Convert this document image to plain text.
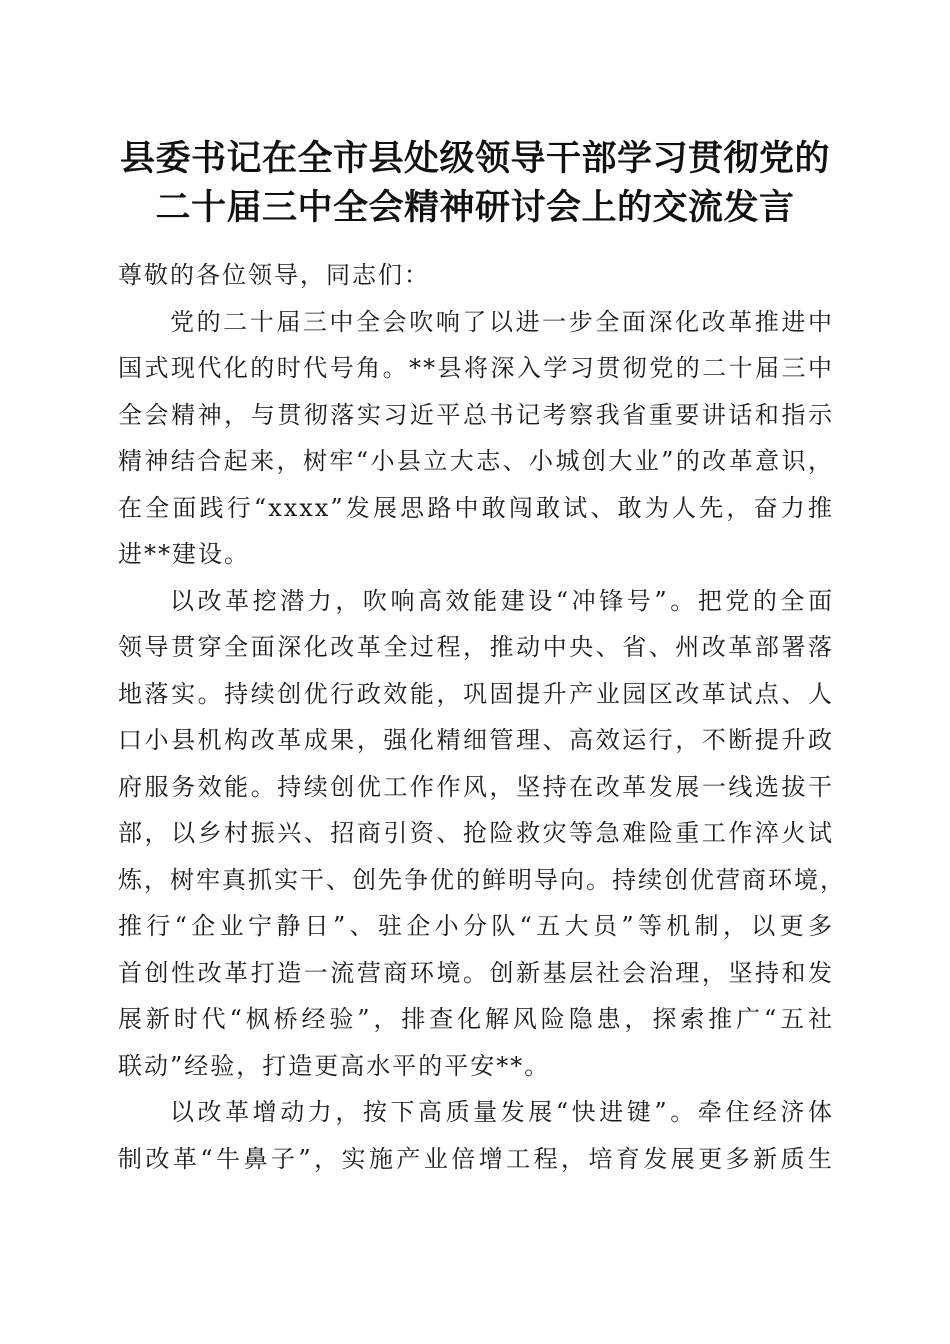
县委书记在全市县处级领导干部学习贯彻党的
二十届三中全会精神研讨会上的交流发言

尊敬的各位领导，同志们：

党的二十届三中全会吹响了以进一步全面深化改革推进中
国式现代化的时代号角。**县将深入学习贯彻党的二十届三中
全会精神，与贯彻落实习近平总书记考察我省重要讲话和指示
精神结合起来，树牢“小县立大志、小城创大业”的改革意识，
在全面践行“xxxx”发展思路中敢闯敢试、敢为人先，奋力推
进**建设。

以改革挖潜力，吹响高效能建设“冲锋号”。把党的全面
领导贯穿全面深化改革全过程，推动中央、省、州改革部署落
地落实。持续创优行政效能，巩固提升产业园区改革试点、人
口小县机构改革成果，强化精细管理、高效运行，不断提升政
府服务效能。持续创优工作作风，坚持在改革发展一线选拔干
部，以乡村振兴、招商引资、抢险救灾等急难险重工作淬火试
炼，树牢真抓实干、创先争优的鲜明导向。持续创优营商环境，
推行“企业宁静日”、驻企小分队“五大员”等机制，以更多
首创性改革打造一流营商环境。创新基层社会治理，坚持和发
展新时代“枫桥经验”，排查化解风险隐患，探索推广“五社
联动”经验，打造更高水平的平安**。

以改革增动力，按下高质量发展“快进键”。牵住经济体
制改革“牛鼻子”，实施产业倍增工程，培育发展更多新质生
